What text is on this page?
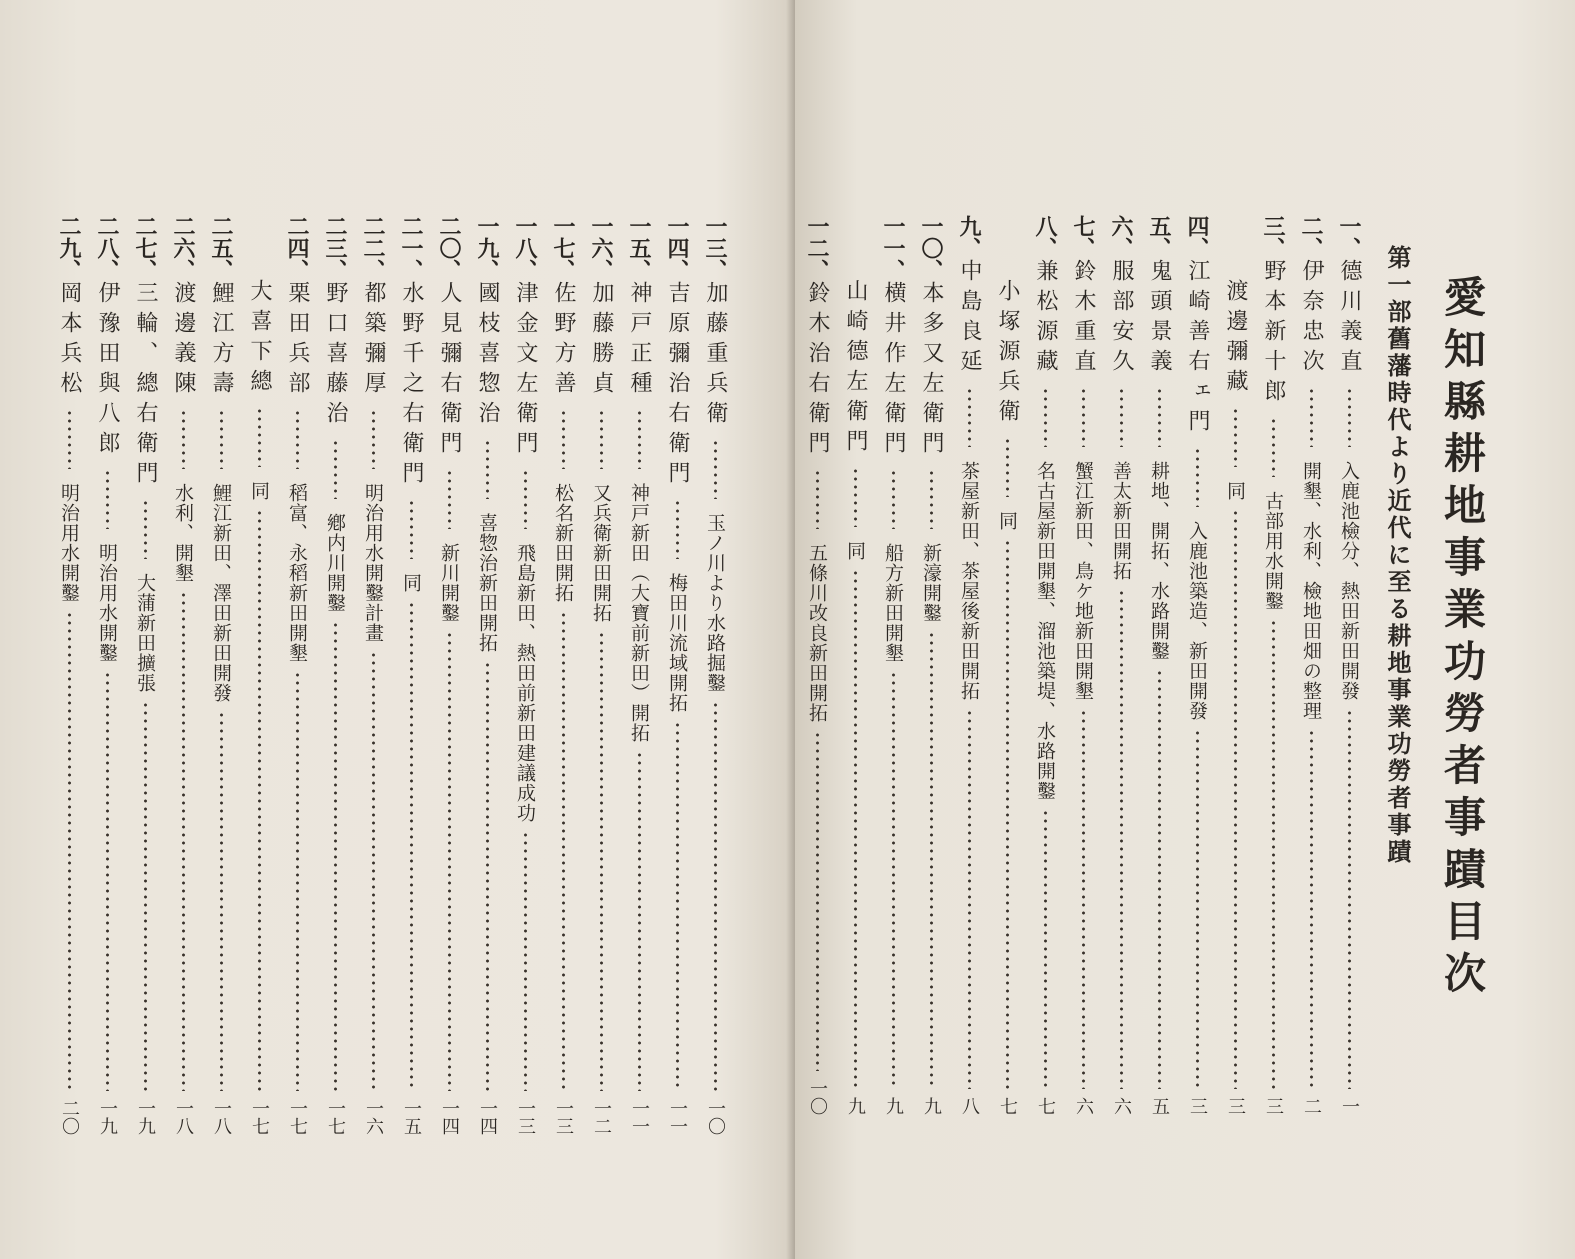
一三、加藤重兵衛
玉ノ川より水路掘鑿
一〇
一四、吉原彌治右衛門
梅田川流域開拓
一一
一五、神戸正種
神戸新田（大寶前新田）開拓
一一
一六、加藤勝貞
又兵衛新田開拓
一二
一七、佐野方善
松名新田開拓
一三
一八、津金文左衛門
飛島新田、熱田前新田建議成功
一三
一九、國枝喜惣治
喜惣治新田開拓
一四
二〇、人見彌右衛門
新川開鑿
一四
二一、水野千之右衛門
同
一五
二二、都築彌厚
明治用水開鑿計畫
一六
二三、野口喜藤治
鄕内川開鑿
一七
二四、栗田兵部
稻富、永稻新田開墾
一七
大喜下總
同
一七
二五、鯉江方壽
鯉江新田、澤田新田開發
一八
二六、渡邊義陳
水利、開墾
一八
二七、三輪、總右衛門
大蒲新田擴張
一九
二八、伊豫田與八郎
明治用水開鑿
一九
二九、岡本兵松
明治用水開鑿
二〇
愛知縣耕地事業功勞者事蹟目次
第一部
舊藩時代より近代に至る耕地事業功勞者事蹟
一、德川義直
入鹿池檢分、熱田新田開發
一
二、伊奈忠次
開墾、水利、檢地田畑の整理
二
三、野本新十郎
古部用水開鑿
三
渡邊彌藏
同
三
四、江崎善右ェ門
入鹿池築造、新田開發
三
五、鬼頭景義
耕地、開拓、水路開鑿
五
六、服部安久
善太新田開拓
六
七、鈴木重直
蟹江新田、鳥ケ地新田開墾
六
八、兼松源藏
名古屋新田開墾、溜池築堤、水路開鑿
七
小塚源兵衛
同
七
九、中島良延
茶屋新田、茶屋後新田開拓
八
一〇、本多又左衛門
新濠開鑿
九
一一、横井作左衛門
船方新田開墾
九
山崎德左衛門
同
九
一二、鈴木治右衛門
五條川改良新田開拓
一〇
